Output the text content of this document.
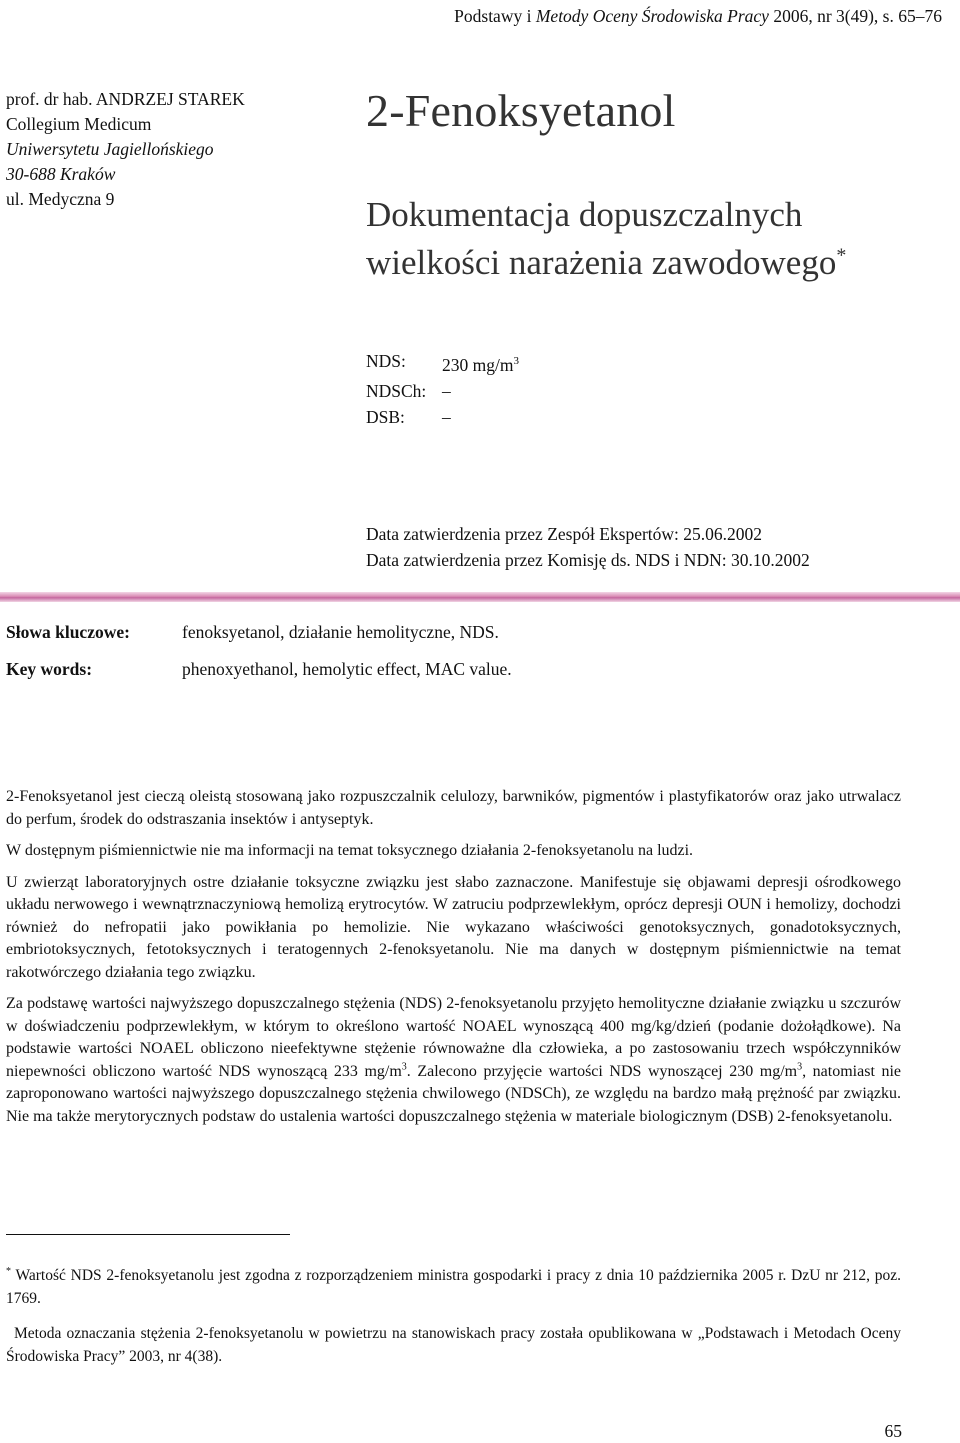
Podstawy i Metody Oceny Środowiska Pracy 2006, nr 3(49), s. 65–76
prof. dr hab. ANDRZEJ STAREK
Collegium Medicum
Uniwersytetu Jagiellońskiego
30-688 Kraków
ul. Medyczna 9
2-Fenoksyetanol
Dokumentacja dopuszczalnych
wielkości narażenia zawodowego*
NDS:	230 $mg/m^3$
NDSCh: –
DSB:	–
Data zatwierdzenia przez Zespół Ekspertów: 25.06.2002
Data zatwierdzenia przez Komisję ds. NDS i NDN: 30.10.2002
Słowa kluczowe:	fenoksyetanol, działanie hemolityczne, NDS.
Key words:	phenoxyethanol, hemolytic effect, MAC value.

2-Fenoksyetanol jest cieczą oleistą stosowaną jako rozpuszczalnik celulozy, barwników, pigmentów i plastyfikatorów oraz jako utrwalacz do perfum, środek do odstraszania insektów i antyseptyk.

W dostępnym piśmiennictwie nie ma informacji na temat toksycznego działania 2-fenoksyetanolu na ludzi.

U zwierząt laboratoryjnych ostre działanie toksyczne związku jest słabo zaznaczone. Manifestuje się objawami depresji ośrodkowego układu nerwowego i wewnątrznaczyniową hemolizą erytrocytów. W zatruciu podprzewlekłym, oprócz depresji OUN i hemolizy, dochodzi również do nefropatii jako powikłania po hemolizie. Nie wykazano właściwości genotoksycznych, gonadotoksycznych, embriotoksycznych, fetotoksycznych i teratogennych 2-fenoksyetanolu. Nie ma danych w dostępnym piśmiennictwie na temat rakotwórczego działania tego związku.

Za podstawę wartości najwyższego dopuszczalnego stężenia (NDS) 2-fenoksyetanolu przyjęto hemolityczne działanie związku u szczurów w doświadczeniu podprzewlekłym, w którym to określono wartość NOAEL wynoszącą 400 mg/kg/dzień (podanie dożołądkowe). Na podstawie wartości NOAEL obliczono nieefektywne stężenie równoważne dla człowieka, a po zastosowaniu trzech współczynników niepewności obliczono wartość NDS wynoszącą 233 $mg/m^3$. Zalecono przyjęcie wartości NDS wynoszącej 230 $mg/m^3$, natomiast nie zaproponowano wartości najwyższego dopuszczalnego stężenia chwilowego (NDSCh), ze względu na bardzo małą prężność par związku. Nie ma także merytorycznych podstaw do ustalenia wartości dopuszczalnego stężenia w materiale biologicznym (DSB) 2-fenoksyetanolu.

* Wartość NDS 2-fenoksyetanolu jest zgodna z rozporządzeniem ministra gospodarki i pracy z dnia 10 października 2005 r. DzU nr 212, poz. 1769.

Metoda oznaczania stężenia 2-fenoksyetanolu w powietrzu na stanowiskach pracy została opublikowana w „Podstawach i Metodach Oceny Środowiska Pracy” 2003, nr 4(38).

65
